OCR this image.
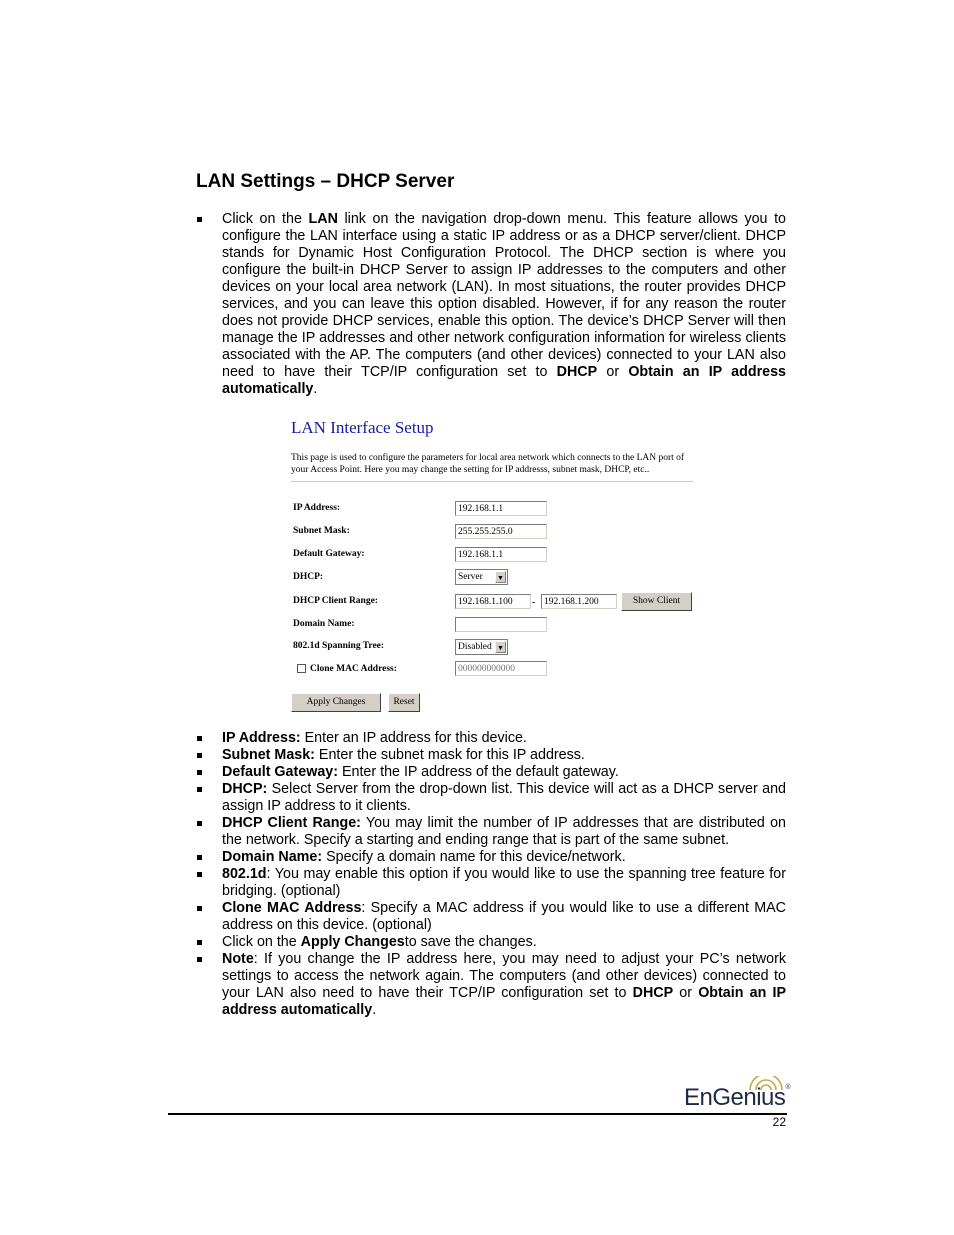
LAN Settings – DHCP Server
Click on the LAN link on the navigation drop-down menu. This feature allows you to configure the LAN interface using a static IP address or as a DHCP server/client. DHCP stands for Dynamic Host Configuration Protocol. The DHCP section is where you configure the built-in DHCP Server to assign IP addresses to the computers and other devices on your local area network (LAN). In most situations, the router provides DHCP services, and you can leave this option disabled. However, if for any reason the router does not provide DHCP services, enable this option. The device’s DHCP Server will then manage the IP addresses and other network configuration information for wireless clients associated with the AP. The computers (and other devices) connected to your LAN also need to have their TCP/IP configuration set to DHCP or Obtain an IP address automatically.
LAN Interface Setup
This page is used to configure the parameters for local area network which connects to the LAN port of your Access Point. Here you may change the setting for IP addresss, subnet mask, DHCP, etc..
IP Address:	192.168.1.1
Subnet Mask:	255.255.255.0
Default Gateway:	192.168.1.1
DHCP:	Server ▼
DHCP Client Range:	192.168.1.100	- 192.168.1.200	Show Client
Domain Name:
802.1d Spanning Tree:	Disabled ▼
Clone MAC Address:	000000000000
Apply Changes	Reset
IP Address: Enter an IP address for this device.
Subnet Mask: Enter the subnet mask for this IP address.
Default Gateway: Enter the IP address of the default gateway.
DHCP: Select Server from the drop-down list. This device will act as a DHCP server and assign IP address to it clients.
DHCP Client Range: You may limit the number of IP addresses that are distributed on the network. Specify a starting and ending range that is part of the same subnet.
Domain Name: Specify a domain name for this device/network.
802.1d: You may enable this option if you would like to use the spanning tree feature for bridging. (optional)
Clone MAC Address: Specify a MAC address if you would like to use a different MAC address on this device. (optional)
Click on the Apply Changesto save the changes.
Note: If you change the IP address here, you may need to adjust your PC’s network settings to access the network again. The computers (and other devices) connected to your LAN also need to have their TCP/IP configuration set to DHCP or Obtain an IP address automatically.
EnGenius®
22
